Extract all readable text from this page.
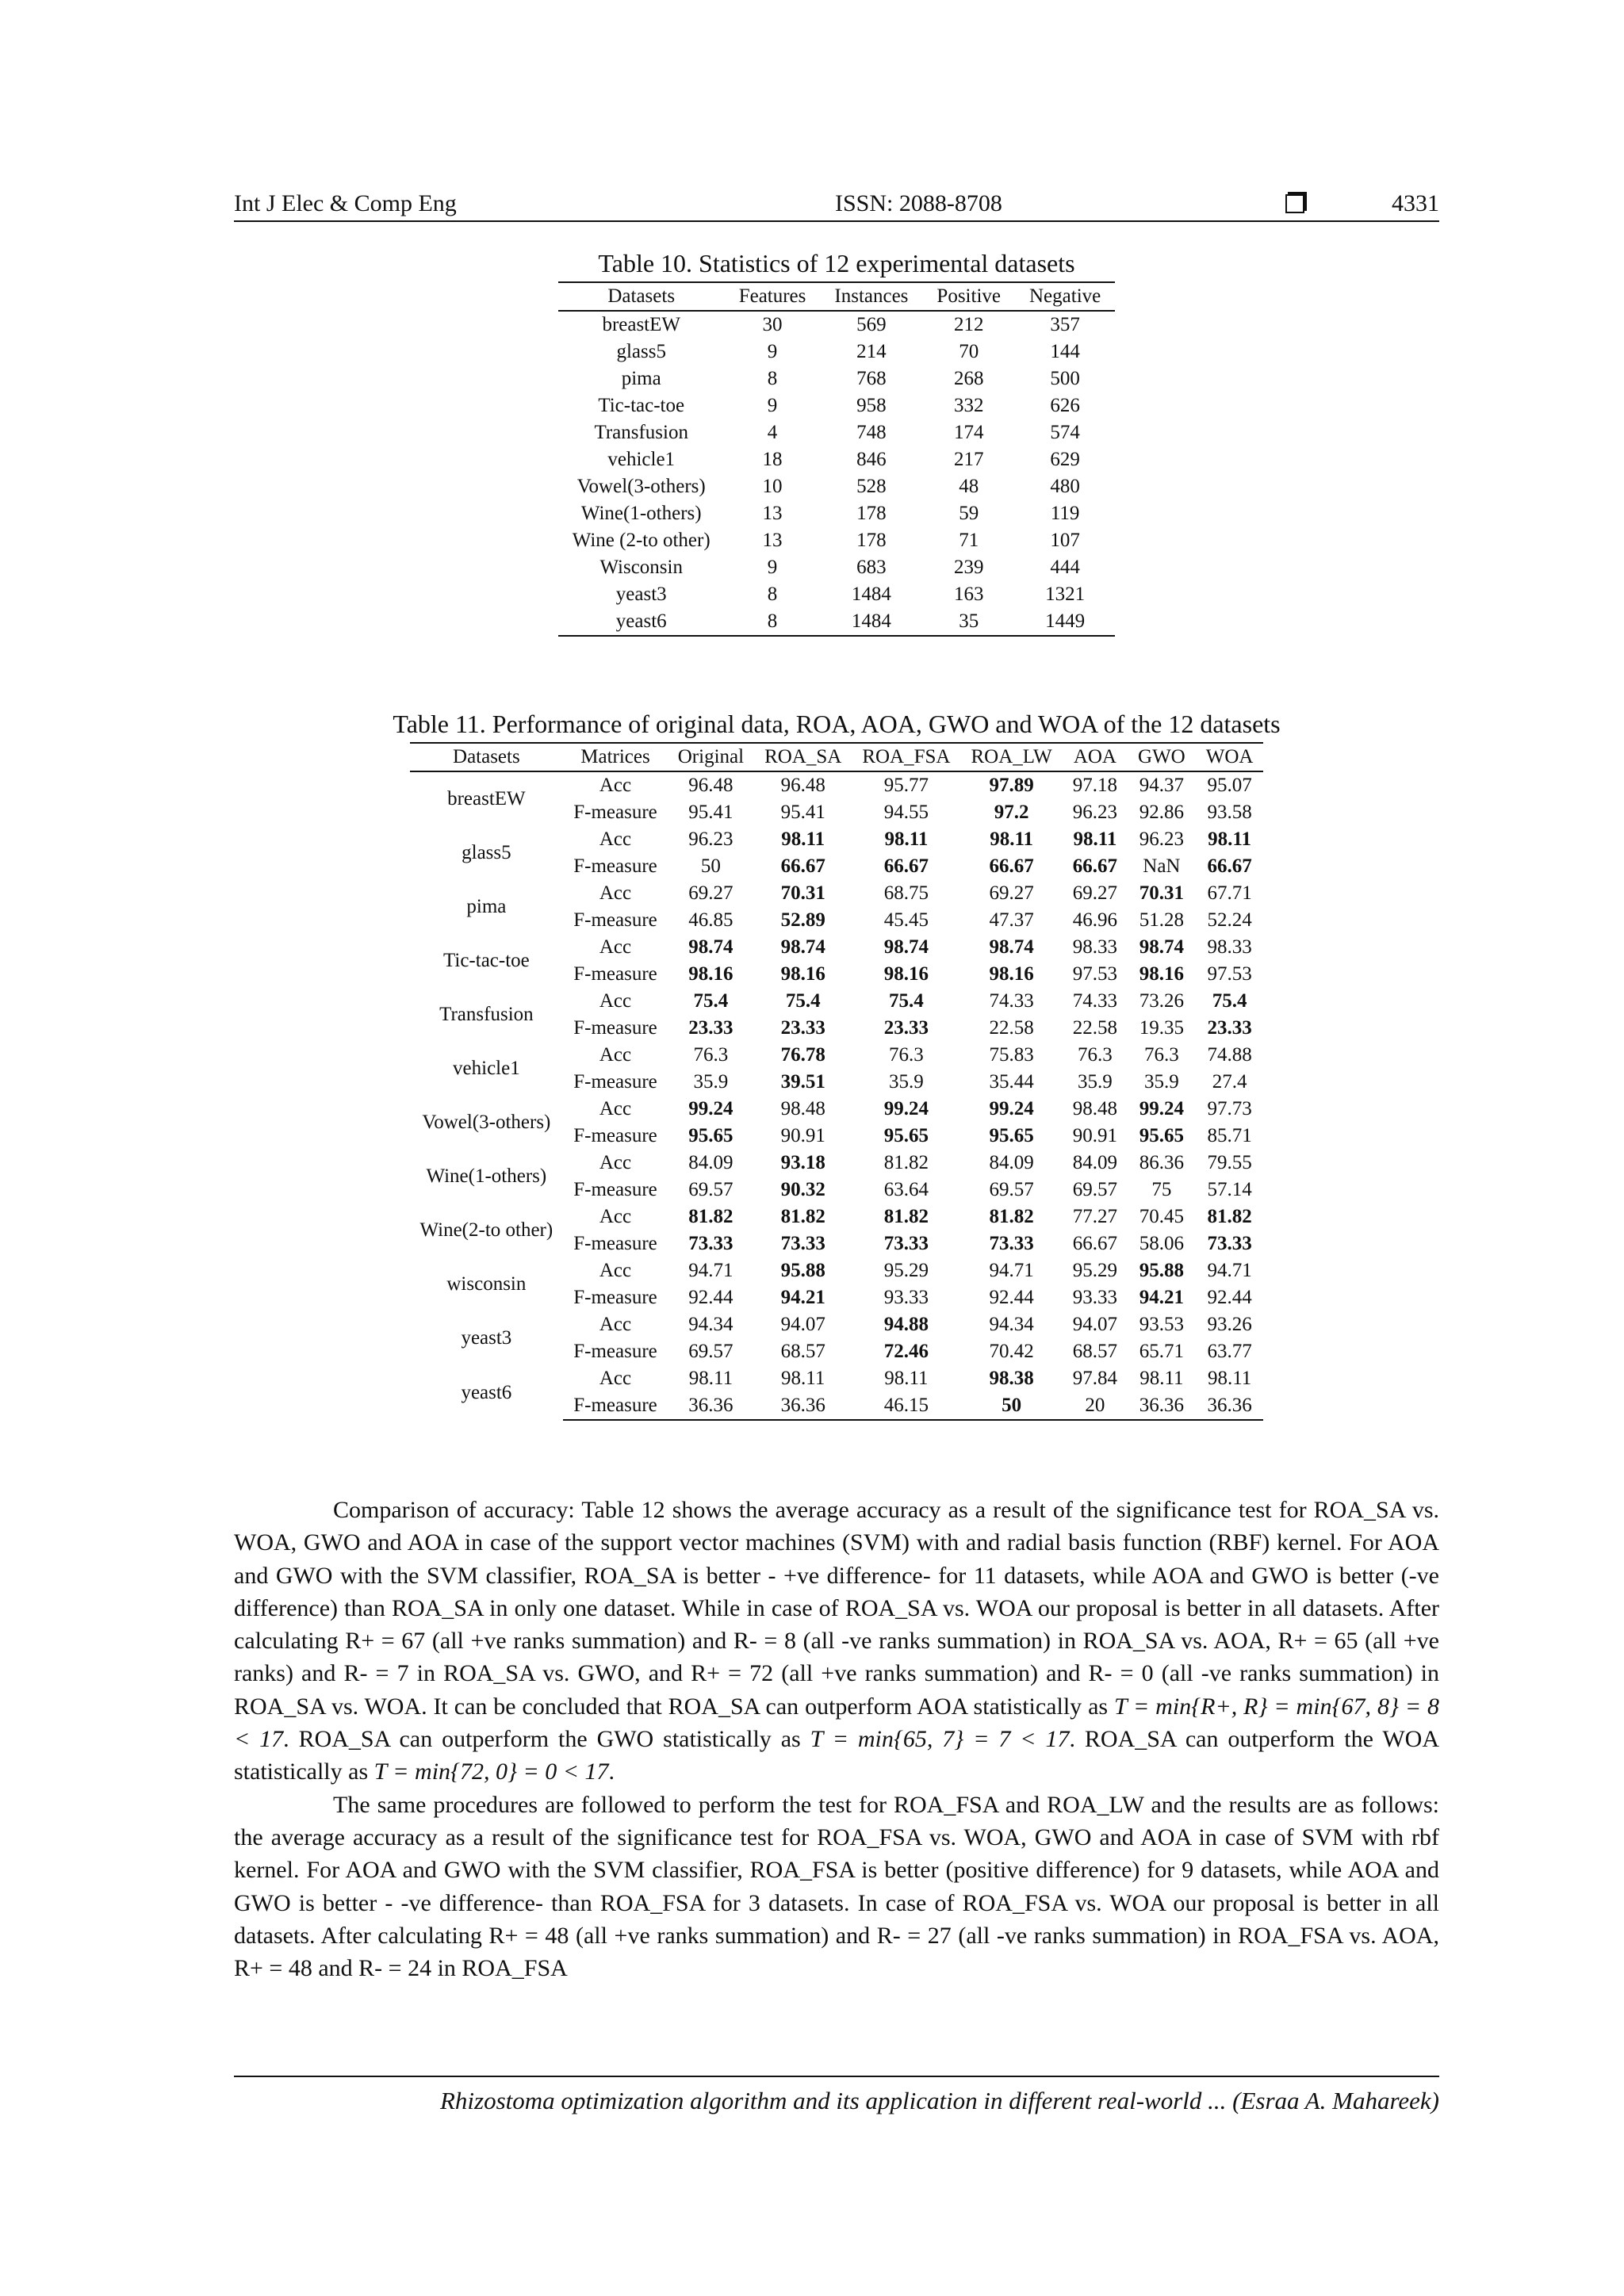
Int J Elec & Comp Eng	ISSN: 2088-8708	4331
Table 10. Statistics of 12 experimental datasets
Datasets	Features	Instances	Positive	Negative
breastEW	30	569	212	357
glass5	9	214	70	144
pima	8	768	268	500
Tic-tac-toe	9	958	332	626
Transfusion	4	748	174	574
vehicle1	18	846	217	629
Vowel(3-others)	10	528	48	480
Wine(1-others)	13	178	59	119
Wine (2-to other)	13	178	71	107
Wisconsin	9	683	239	444
yeast3	8	1484	163	1321
yeast6	8	1484	35	1449
Table 11. Performance of original data, ROA, AOA, GWO and WOA of the 12 datasets
Datasets	Matrices	Original	ROA_SA	ROA_FSA	ROA_LW	AOA	GWO	WOA
breastEW	Acc	96.48	96.48	95.77	97.89	97.18	94.37	95.07
	F-measure	95.41	95.41	94.55	97.2	96.23	92.86	93.58
glass5	Acc	96.23	98.11	98.11	98.11	98.11	96.23	98.11
	F-measure	50	66.67	66.67	66.67	66.67	NaN	66.67
pima	Acc	69.27	70.31	68.75	69.27	69.27	70.31	67.71
	F-measure	46.85	52.89	45.45	47.37	46.96	51.28	52.24
Tic-tac-toe	Acc	98.74	98.74	98.74	98.74	98.33	98.74	98.33
	F-measure	98.16	98.16	98.16	98.16	97.53	98.16	97.53
Transfusion	Acc	75.4	75.4	75.4	74.33	74.33	73.26	75.4
	F-measure	23.33	23.33	23.33	22.58	22.58	19.35	23.33
vehicle1	Acc	76.3	76.78	76.3	75.83	76.3	76.3	74.88
	F-measure	35.9	39.51	35.9	35.44	35.9	35.9	27.4
Vowel(3-others)	Acc	99.24	98.48	99.24	99.24	98.48	99.24	97.73
	F-measure	95.65	90.91	95.65	95.65	90.91	95.65	85.71
Wine(1-others)	Acc	84.09	93.18	81.82	84.09	84.09	86.36	79.55
	F-measure	69.57	90.32	63.64	69.57	69.57	75	57.14
Wine(2-to other)	Acc	81.82	81.82	81.82	81.82	77.27	70.45	81.82
	F-measure	73.33	73.33	73.33	73.33	66.67	58.06	73.33
wisconsin	Acc	94.71	95.88	95.29	94.71	95.29	95.88	94.71
	F-measure	92.44	94.21	93.33	92.44	93.33	94.21	92.44
yeast3	Acc	94.34	94.07	94.88	94.34	94.07	93.53	93.26
	F-measure	69.57	68.57	72.46	70.42	68.57	65.71	63.77
yeast6	Acc	98.11	98.11	98.11	98.38	97.84	98.11	98.11
	F-measure	36.36	36.36	46.15	50	20	36.36	36.36

Comparison of accuracy: Table 12 shows the average accuracy as a result of the significance test for ROA_SA vs. WOA, GWO and AOA in case of the support vector machines (SVM) with and radial basis function (RBF) kernel. For AOA and GWO with the SVM classifier, ROA_SA is better - +ve difference- for 11 datasets, while AOA and GWO is better (-ve difference) than ROA_SA in only one dataset. While in case of ROA_SA vs. WOA our proposal is better in all datasets. After calculating R+ = 67 (all +ve ranks summation) and R- = 8 (all -ve ranks summation) in ROA_SA vs. AOA, R+ = 65 (all +ve ranks) and R- = 7 in ROA_SA vs. GWO, and R+ = 72 (all +ve ranks summation) and R- = 0 (all -ve ranks summation) in ROA_SA vs. WOA. It can be concluded that ROA_SA can outperform AOA statistically as T = min{R+, R} = min{67, 8} = 8 < 17. ROA_SA can outperform the GWO statistically as T = min{65, 7} = 7 < 17. ROA_SA can outperform the WOA statistically as T = min{72, 0} = 0 < 17.

The same procedures are followed to perform the test for ROA_FSA and ROA_LW and the results are as follows: the average accuracy as a result of the significance test for ROA_FSA vs. WOA, GWO and AOA in case of SVM with rbf kernel. For AOA and GWO with the SVM classifier, ROA_FSA is better (positive difference) for 9 datasets, while AOA and GWO is better - -ve difference- than ROA_FSA for 3 datasets. In case of ROA_FSA vs. WOA our proposal is better in all datasets. After calculating R+ = 48 (all +ve ranks summation) and R- = 27 (all -ve ranks summation) in ROA_FSA vs. AOA, R+ = 48 and R- = 24 in ROA_FSA

Rhizostoma optimization algorithm and its application in different real-world ... (Esraa A. Mahareek)
